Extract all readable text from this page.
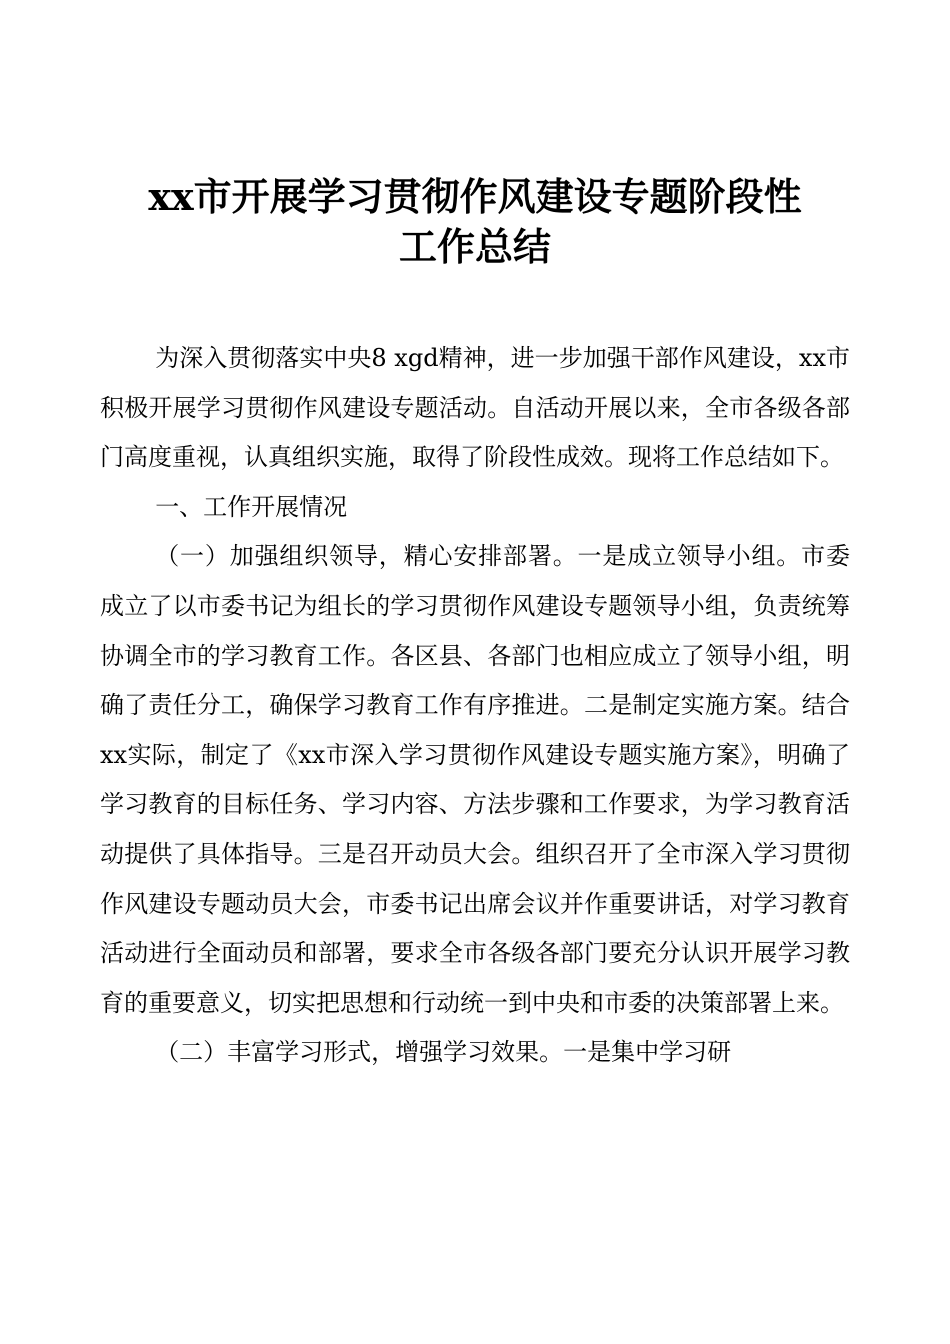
xx市开展学习贯彻作风建设专题阶段性
工作总结

为深入贯彻落实中央8 xgd精神，进一步加强干部作风建设，xx市积极开展学习贯彻作风建设专题活动。自活动开展以来，全市各级各部门高度重视，认真组织实施，取得了阶段性成效。现将工作总结如下。

一、工作开展情况

（一）加强组织领导，精心安排部署。一是成立领导小组。市委成立了以市委书记为组长的学习贯彻作风建设专题领导小组，负责统筹协调全市的学习教育工作。各区县、各部门也相应成立了领导小组，明确了责任分工，确保学习教育工作有序推进。二是制定实施方案。结合xx实际，制定了《xx市深入学习贯彻作风建设专题实施方案》，明确了学习教育的目标任务、学习内容、方法步骤和工作要求，为学习教育活动提供了具体指导。三是召开动员大会。组织召开了全市深入学习贯彻作风建设专题动员大会，市委书记出席会议并作重要讲话，对学习教育活动进行全面动员和部署，要求全市各级各部门要充分认识开展学习教育的重要意义，切实把思想和行动统一到中央和市委的决策部署上来。

（二）丰富学习形式，增强学习效果。一是集中学习研
